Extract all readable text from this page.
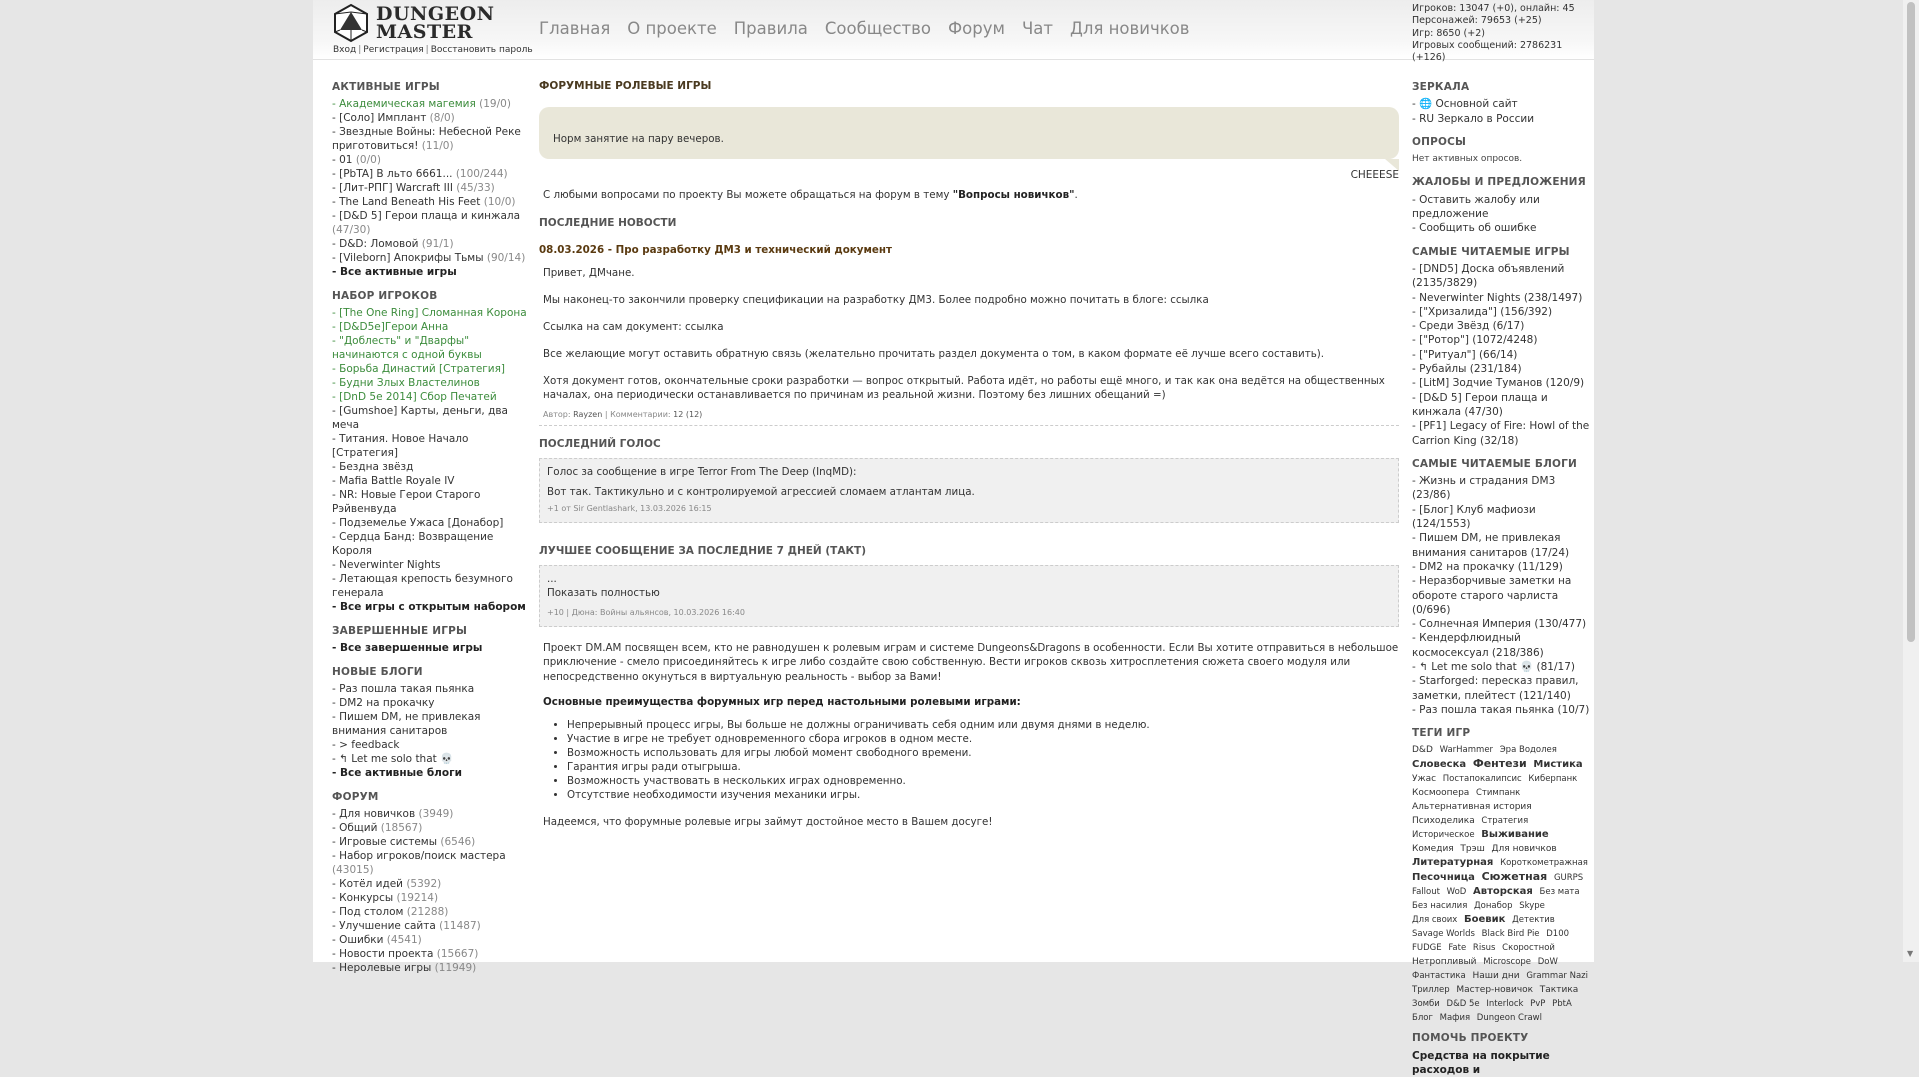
DUNGEON
MASTER
Вход | Регистрация | Восстановить пароль
Главная О проекте Правила Сообщество Форум Чат Для новичков
Игроков: 13047 (+0), онлайн: 45
Персонажей: 79653 (+25)
Игр: 8650 (+2)
Игровых сообщений: 2786231 (+126)
АКТИВНЫЕ ИГРЫ
- Академическая магемия (19/0)
- [Соло] Имплант (8/0)
- Звездные Войны: Небесной Реке приготовиться! (11/0)
- 01 (0/0)
- [PbTA] В льто 6661... (100/244)
- [Лит-РПГ] Warcraft III (45/33)
- The Land Beneath His Feet (10/0)
- [D&D 5] Герои плаща и кинжала (47/30)
- D&D: Ломовой (91/1)
- [Vileborn] Апокрифы Тьмы (90/14)
- Все активные игры
НАБОР ИГРОКОВ
- [The One Ring] Сломанная Корона
- [D&D5e]Герои Анна
- "Доблесть" и "Дварфы" начинаются с одной буквы
- Борьба Династий [Стратегия]
- Будни Злых Властелинов
- [DnD 5e 2014] Сбор Печатей
- [Gumshoe] Карты, деньги, два меча
- Титания. Новое Начало [Стратегия]
- Бездна звёзд
- Mafia Battle Royale IV
- NR: Новые Герои Старого Рэйвенвуда
- Подземелье Ужаса [Донабор]
- Сердца Банд: Возвращение Короля
- Neverwinter Nights
- Летающая крепость безумного генерала
- Все игры с открытым набором
ЗАВЕРШЕННЫЕ ИГРЫ
- Все завершенные игры
НОВЫЕ БЛОГИ
- Раз пошла такая пьянка
- DM2 на прокачку
- Пишем DM, не привлекая внимания санитаров
- > feedback
- ↰ Let me solo that 💀
- Все активные блоги
ФОРУМ
- Для новичков (3949)
- Общий (18567)
- Игровые системы (6546)
- Набор игроков/поиск мастера (43015)
- Котёл идей (5392)
- Конкурсы (19214)
- Под столом (21288)
- Улучшение сайта (11487)
- Ошибки (4541)
- Новости проекта (15667)
- Неролевые игры (11949)
ФОРУМНЫЕ РОЛЕВЫЕ ИГРЫ
Норм занятие на пару вечеров.
CHEEESE
С любыми вопросами по проекту Вы можете обращаться на форум в тему "Вопросы новичков".
ПОСЛЕДНИЕ НОВОСТИ
08.03.2026 - Про разработку ДМ3 и технический документ
Привет, ДМчане.
Мы наконец-то закончили проверку спецификации на разработку ДМ3. Более подробно можно почитать в блоге: ссылка
Ссылка на сам документ: ссылка
Все желающие могут оставить обратную связь (желательно прочитать раздел документа о том, в каком формате её лучше всего составить).
Хотя документ готов, окончательные сроки разработки — вопрос открытый. Работа идёт, но работы ещё много, и так как она ведётся на общественных началах, она периодически останавливается по причинам из реальной жизни. Поэтому без лишних обещаний =)
Автор: Rayzen | Комментарии: 12 (12)
ПОСЛЕДНИЙ ГОЛОС
Голос за сообщение в игре Terror From The Deep (InqMD):
Вот так. Тактикульно и с контролируемой агрессией сломаем атлантам лица.
+1 от Sir Gentlashark, 13.03.2026 16:15
ЛУЧШЕЕ СООБЩЕНИЕ ЗА ПОСЛЕДНИЕ 7 ДНЕЙ (ТАКТ)
...
Показать полностью
+10 | Дюна: Войны альянсов, 10.03.2026 16:40
Проект DM.AM посвящен всем, кто не равнодушен к ролевым играм и системе Dungeons&Dragons в особенности. Если Вы хотите отправиться в небольшое приключение - смело присоединяйтесь к игре либо создайте свою собственную. Вести игроков сквозь хитросплетения сюжета своего модуля или непосредственно окунуться в виртуальную реальность - выбор за Вами!
Основные преимущества форумных игр перед настольными ролевыми играми:
• Непрерывный процесс игры, Вы больше не должны ограничивать себя одним или двумя днями в неделю.
• Участие в игре не требует одновременного сбора игроков в одном месте.
• Возможность использовать для игры любой момент свободного времени.
• Гарантия игры ради отыгрыша.
• Возможность участвовать в нескольких играх одновременно.
• Отсутствие необходимости изучения механики игры.
Надеемся, что форумные ролевые игры займут достойное место в Вашем досуге!
ЗЕРКАЛА
- 🌐 Основной сайт
- RU Зеркало в России
ОПРОСЫ
Нет активных опросов.
ЖАЛОБЫ И ПРЕДЛОЖЕНИЯ
- Оставить жалобу или предложение
- Сообщить об ошибке
САМЫЕ ЧИТАЕМЫЕ ИГРЫ
- [DND5] Доска объявлений (2135/3829)
- Neverwinter Nights (238/1497)
- ["Хризалида"] (156/392)
- Среди Звёзд (6/17)
- ["Ротор"] (1072/4248)
- ["Ритуал"] (66/14)
- Рубайлы (231/184)
- [LitM] Зодчие Туманов (120/9)
- [D&D 5] Герои плаща и кинжала (47/30)
- [PF1] Legacy of Fire: Howl of the Carrion King (32/18)
САМЫЕ ЧИТАЕМЫЕ БЛОГИ
- Жизнь и страдания DM3 (23/86)
- [Блог] Клуб мафиози (124/1553)
- Пишем DM, не привлекая внимания санитаров (17/24)
- DM2 на прокачку (11/129)
- Неразборчивые заметки на обороте старого чарлиста (0/696)
- Солнечная Империя (130/477)
- Кендерфлюидный космосексуал (218/386)
- ↰ Let me solo that 💀 (81/17)
- Starforged: пересказ правил, заметки, плейтест (121/140)
- Раз пошла такая пьянка (10/7)
ТЕГИ ИГР
D&D WarHammer Эра Водолея Словеска Фентези Мистика Ужас Постапокалипсис Киберпанк Космоопера Стимпанк Альтернативная история Психоделика Стратегия Историческое Выживание Комедия Трэш Для новичков Литературная Короткометражная Песочница Сюжетная GURPS Fallout WoD Авторская Без мата Без насилия Донабор Skype Для своих Боевик Детектив Savage Worlds Black Bird Pie D100 FUDGE Fate Risus Скоростной Нетропливый Microscope DoW Фантастика Наши дни Grammar Nazi Триллер Мастер-новичок Тактика Зомби D&D 5e Interlock PvP PbtA Блог Мафия Dungeon Crawl
ПОМОЧЬ ПРОЕКТУ
Средства на покрытие расходов и
▼
